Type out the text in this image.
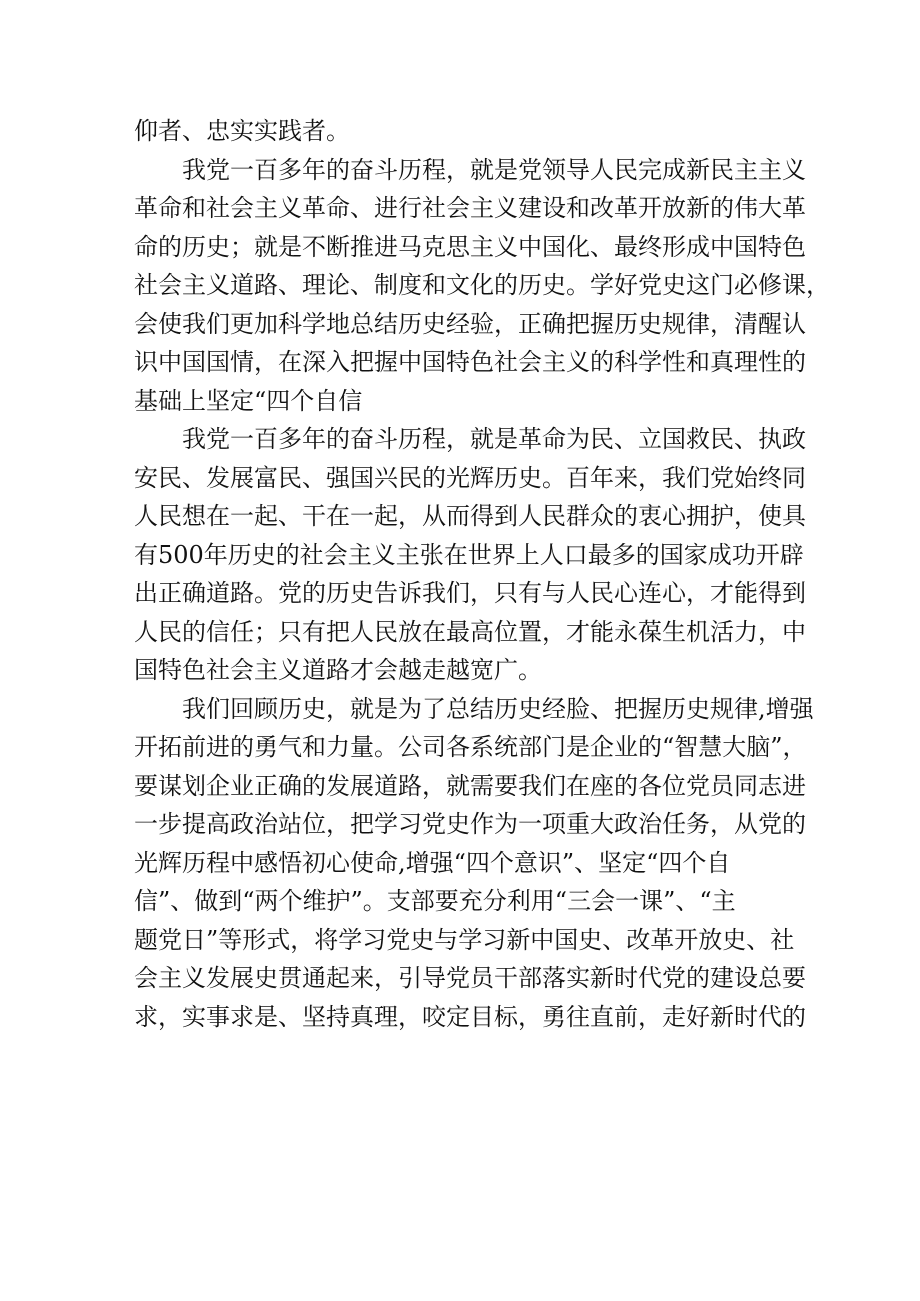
仰者、忠实实践者。
我党一百多年的奋斗历程，就是党领导人民完成新民主主义
革命和社会主义革命、进行社会主义建设和改革开放新的伟大革
命的历史；就是不断推进马克思主义中国化、最终形成中国特色
社会主义道路、理论、制度和文化的历史。学好党史这门必修课，
会使我们更加科学地总结历史经验，正确把握历史规律，清醒认
识中国国情，在深入把握中国特色社会主义的科学性和真理性的
基础上坚定“四个自信
我党一百多年的奋斗历程，就是革命为民、立国救民、执政
安民、发展富民、强国兴民的光辉历史。百年来，我们党始终同
人民想在一起、干在一起，从而得到人民群众的衷心拥护，使具
有500年历史的社会主义主张在世界上人口最多的国家成功开辟
出正确道路。党的历史告诉我们，只有与人民心连心，才能得到
人民的信任；只有把人民放在最高位置，才能永葆生机活力，中
国特色社会主义道路才会越走越宽广。
我们回顾历史，就是为了总结历史经脸、把握历史规律,增强
开拓前进的勇气和力量。公司各系统部门是企业的“智慧大脑”，
要谋划企业正确的发展道路，就需要我们在座的各位党员同志进
一步提高政治站位，把学习党史作为一项重大政治任务，从党的
光辉历程中感悟初心使命,增强“四个意识”、坚定“四个自
信”、做到“两个维护”。支部要充分利用“三会一课”、“主
题党日”等形式，将学习党史与学习新中国史、改革开放史、社
会主义发展史贯通起来，引导党员干部落实新时代党的建设总要
求，实事求是、坚持真理，咬定目标，勇往直前，走好新时代的
